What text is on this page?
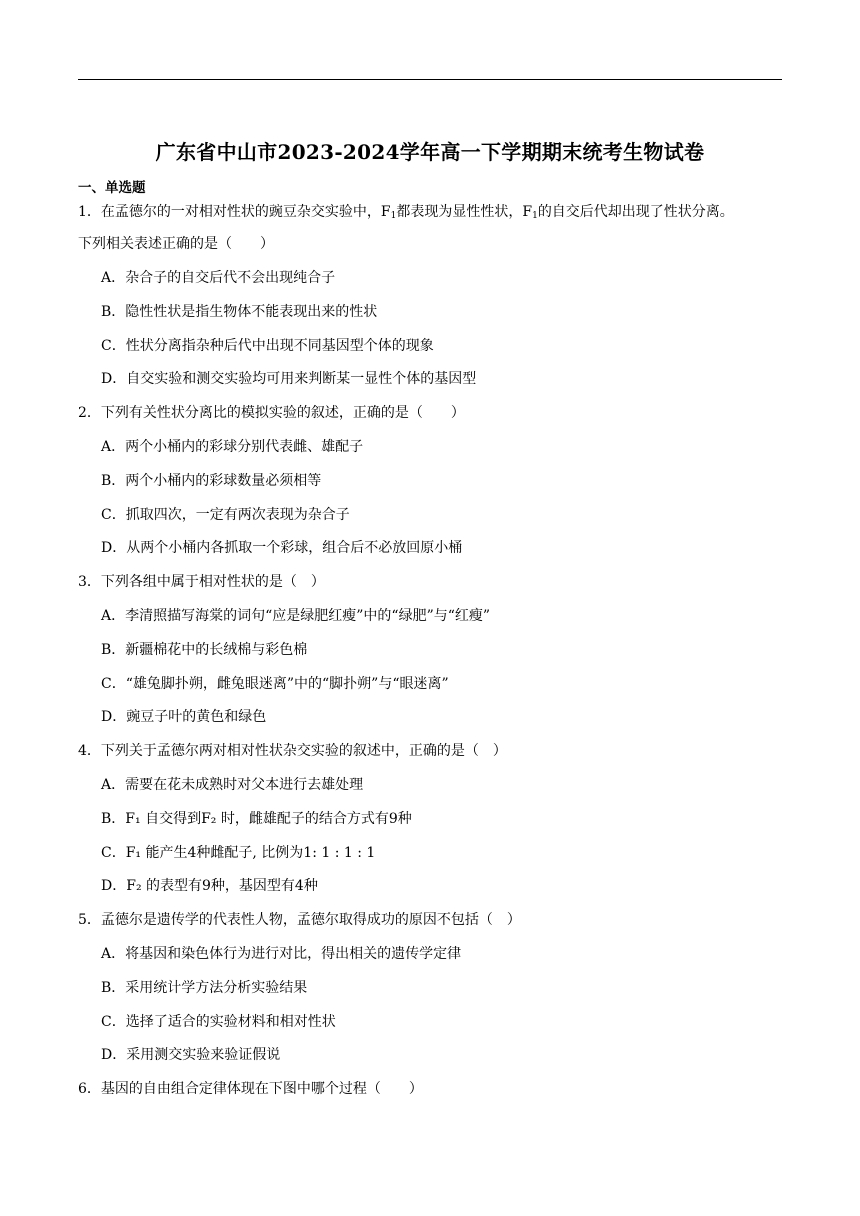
广东省中山市2023-2024学年高一下学期期末统考生物试卷
一、单选题
1．在孟德尔的一对相对性状的豌豆杂交实验中，$F_1$都表现为显性性状，$F_1$的自交后代却出现了性状分离。
下列相关表述正确的是（　　）
A．杂合子的自交后代不会出现纯合子
B．隐性性状是指生物体不能表现出来的性状
C．性状分离指杂种后代中出现不同基因型个体的现象
D．自交实验和测交实验均可用来判断某一显性个体的基因型
2．下列有关性状分离比的模拟实验的叙述，正确的是（　　）
A．两个小桶内的彩球分别代表雌、雄配子
B．两个小桶内的彩球数量必须相等
C．抓取四次，一定有两次表现为杂合子
D．从两个小桶内各抓取一个彩球，组合后不必放回原小桶
3．下列各组中属于相对性状的是（　）
A．李清照描写海棠的词句“应是绿肥红瘦”中的“绿肥”与“红瘦”
B．新疆棉花中的长绒棉与彩色棉
C．“雄兔脚扑朔，雌兔眼迷离”中的“脚扑朔”与“眼迷离”
D．豌豆子叶的黄色和绿色
4．下列关于孟德尔两对相对性状杂交实验的叙述中，正确的是（　）
A．需要在花未成熟时对父本进行去雄处理
B．F₁ 自交得到F₂ 时，雌雄配子的结合方式有9种
C．F₁ 能产生4种雌配子, 比例为1: 1 : 1 : 1
D．F₂ 的表型有9种，基因型有4种
5．孟德尔是遗传学的代表性人物，孟德尔取得成功的原因不包括（　）
A．将基因和染色体行为进行对比，得出相关的遗传学定律
B．采用统计学方法分析实验结果
C．选择了适合的实验材料和相对性状
D．采用测交实验来验证假说
6．基因的自由组合定律体现在下图中哪个过程（　　）
